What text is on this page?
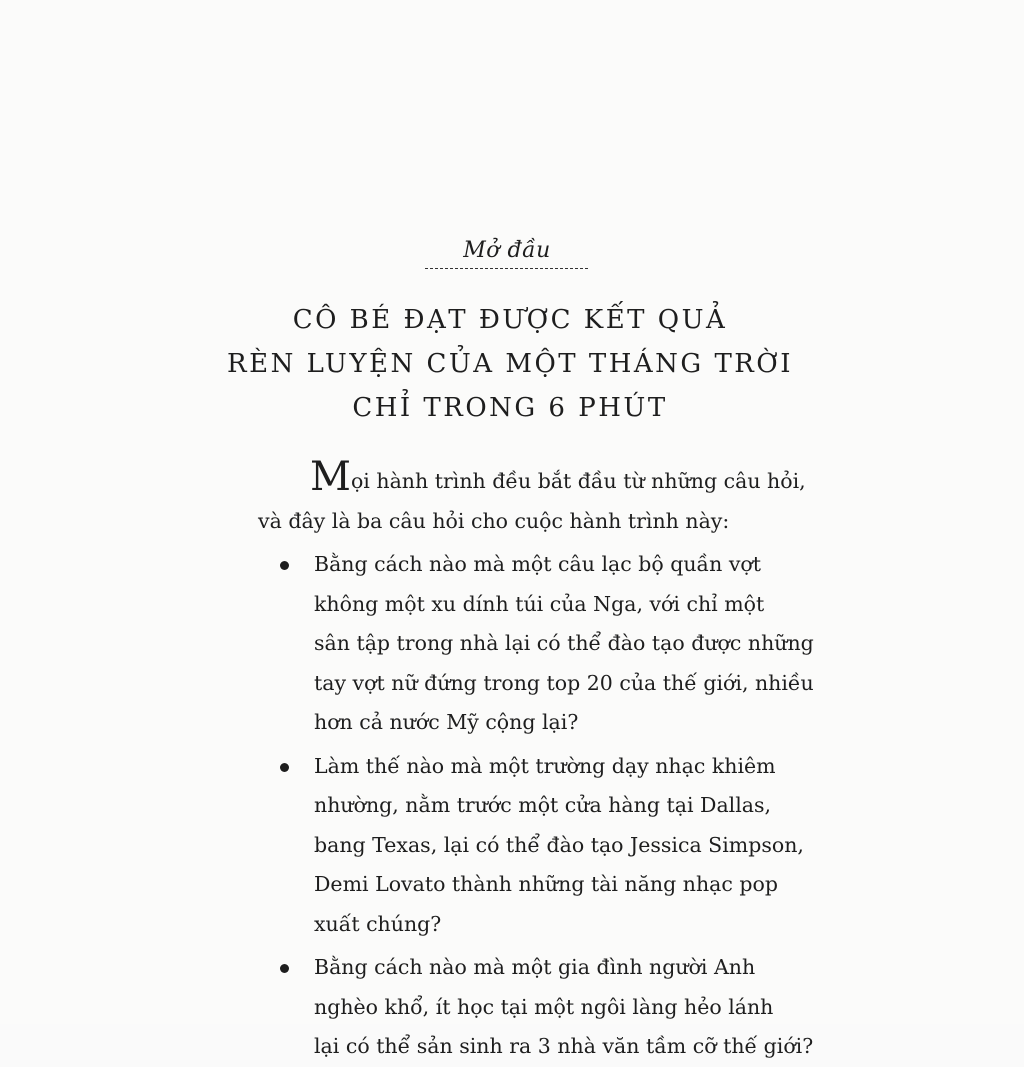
Mở đầu
CÔ BÉ ĐẠT ĐƯỢC KẾT QUẢ
RÈN LUYỆN CỦA MỘT THÁNG TRỜI
CHỈ TRONG 6 PHÚT

Mọi hành trình đều bắt đầu từ những câu hỏi,
và đây là ba câu hỏi cho cuộc hành trình này:

Bằng cách nào mà một câu lạc bộ quần vợt
không một xu dính túi của Nga, với chỉ một
sân tập trong nhà lại có thể đào tạo được những
tay vợt nữ đứng trong top 20 của thế giới, nhiều
hơn cả nước Mỹ cộng lại?
Làm thế nào mà một trường dạy nhạc khiêm
nhường, nằm trước một cửa hàng tại Dallas,
bang Texas, lại có thể đào tạo Jessica Simpson,
Demi Lovato thành những tài năng nhạc pop
xuất chúng?
Bằng cách nào mà một gia đình người Anh
nghèo khổ, ít học tại một ngôi làng hẻo lánh
lại có thể sản sinh ra 3 nhà văn tầm cỡ thế giới?
